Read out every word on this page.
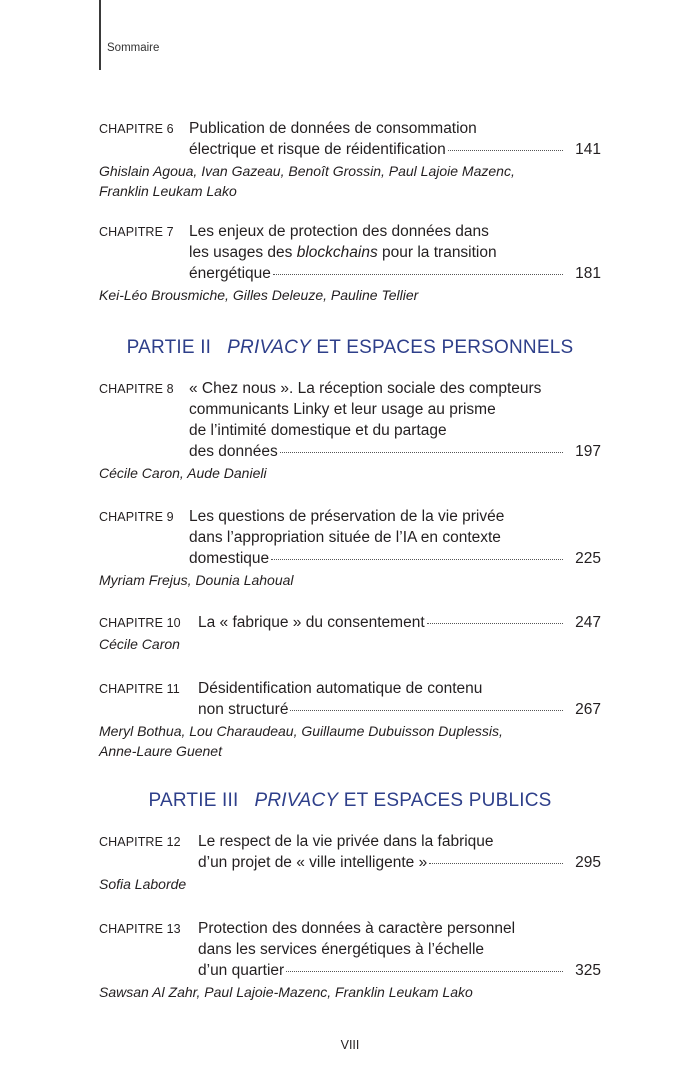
Sommaire
CHAPITRE 6 Publication de données de consommation
électrique et risque de réidentification	141
Ghislain Agoua, Ivan Gazeau, Benoît Grossin, Paul Lajoie Mazenc,
Franklin Leukam Lako
CHAPITRE 7 Les enjeux de protection des données dans
les usages des blockchains pour la transition
énergétique	181
Kei-Léo Brousmiche, Gilles Deleuze, Pauline Tellier
PARTIE II PRIVACY ET ESPACES PERSONNELS
CHAPITRE 8 « Chez nous ». La réception sociale des compteurs
communicants Linky et leur usage au prisme
de l’intimité domestique et du partage
des données	197
Cécile Caron, Aude Danieli
CHAPITRE 9 Les questions de préservation de la vie privée
dans l’appropriation située de l’IA en contexte
domestique	225
Myriam Frejus, Dounia Lahoual
CHAPITRE 10	La « fabrique » du consentement	247
Cécile Caron
CHAPITRE 11	Désidentification automatique de contenu
non structuré	267
Meryl Bothua, Lou Charaudeau, Guillaume Dubuisson Duplessis,
Anne-Laure Guenet
PARTIE III PRIVACY ET ESPACES PUBLICS
CHAPITRE 12	Le respect de la vie privée dans la fabrique
d’un projet de « ville intelligente »	295
Sofia Laborde
CHAPITRE 13	Protection des données à caractère personnel
dans les services énergétiques à l’échelle
d’un quartier	325
Sawsan Al Zahr, Paul Lajoie-Mazenc, Franklin Leukam Lako
VIII
